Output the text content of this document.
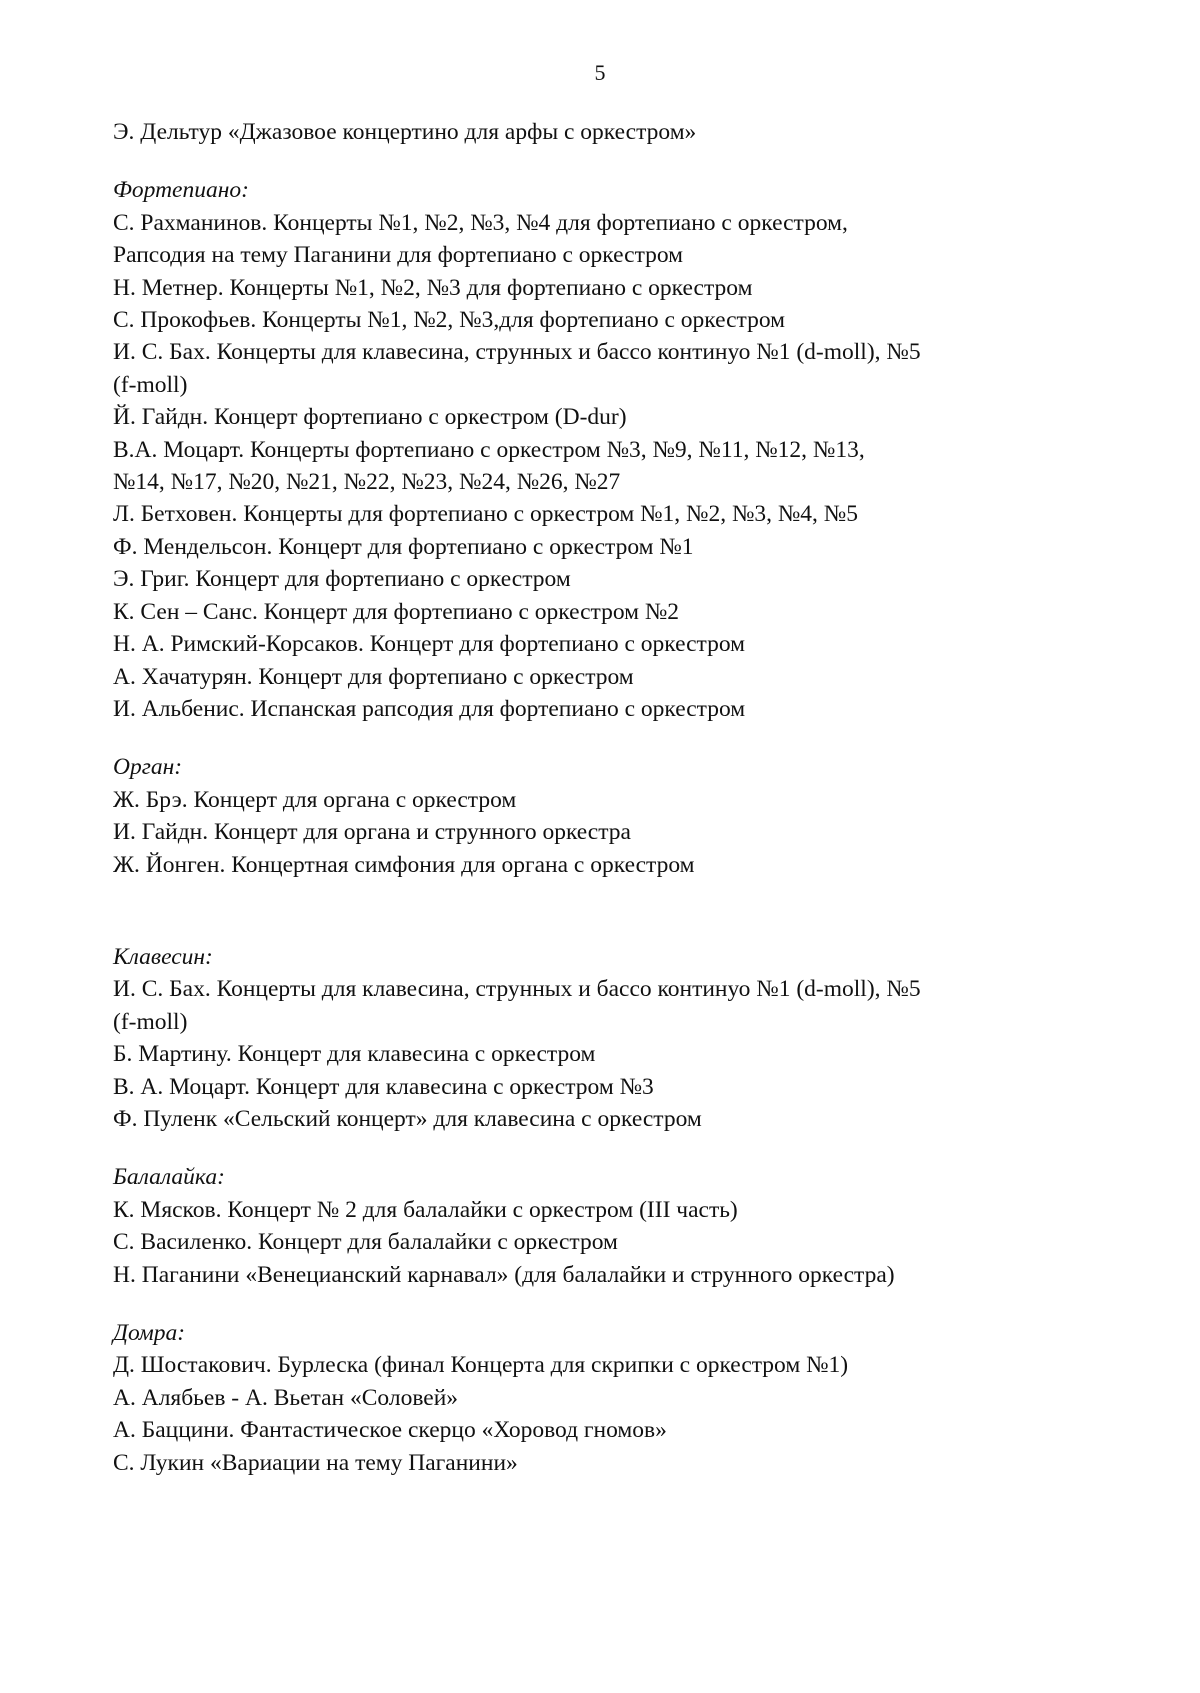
5
Э. Дельтур «Джазовое концертино для арфы с оркестром»
Фортепиано:
С. Рахманинов. Концерты №1, №2, №3, №4 для фортепиано с оркестром,
Рапсодия на тему Паганини для фортепиано с оркестром
Н. Метнер. Концерты №1, №2, №3 для фортепиано с оркестром
С. Прокофьев. Концерты №1, №2, №3,для фортепиано с оркестром
И. С. Бах. Концерты для клавесина, струнных и бассо континуо №1 (d-moll), №5
(f-moll)
Й. Гайдн. Концерт фортепиано с оркестром (D-dur)
В.А. Моцарт. Концерты фортепиано с оркестром №3, №9, №11, №12, №13,
№14, №17, №20, №21, №22, №23, №24, №26, №27
Л. Бетховен. Концерты для фортепиано с оркестром №1, №2, №3, №4, №5
Ф. Мендельсон. Концерт для фортепиано с оркестром №1
Э. Григ. Концерт для фортепиано с оркестром
К. Сен – Санс. Концерт для фортепиано с оркестром №2
Н. А. Римский-Корсаков. Концерт для фортепиано с оркестром
А. Хачатурян. Концерт для фортепиано с оркестром
И. Альбенис. Испанская рапсодия для фортепиано с оркестром
Орган:
Ж. Брэ. Концерт для органа с оркестром
И. Гайдн. Концерт для органа и струнного оркестра
Ж. Йонген. Концертная симфония для органа с оркестром
Клавесин:
И. С. Бах. Концерты для клавесина, струнных и бассо континуо №1 (d-moll), №5
(f-moll)
Б. Мартину. Концерт для клавесина с оркестром
В. А. Моцарт. Концерт для клавесина с оркестром №3
Ф. Пуленк «Сельский концерт» для клавесина с оркестром
Балалайка:
К. Мясков. Концерт № 2 для балалайки с оркестром (III часть)
С. Василенко. Концерт для балалайки с оркестром
Н. Паганини «Венецианский карнавал» (для балалайки и струнного оркестра)
Домра:
Д. Шостакович. Бурлеска (финал Концерта для скрипки с оркестром №1)
А. Алябьев - А. Вьетан «Соловей»
А. Баццини. Фантастическое скерцо «Хоровод гномов»
С. Лукин «Вариации на тему Паганини»
